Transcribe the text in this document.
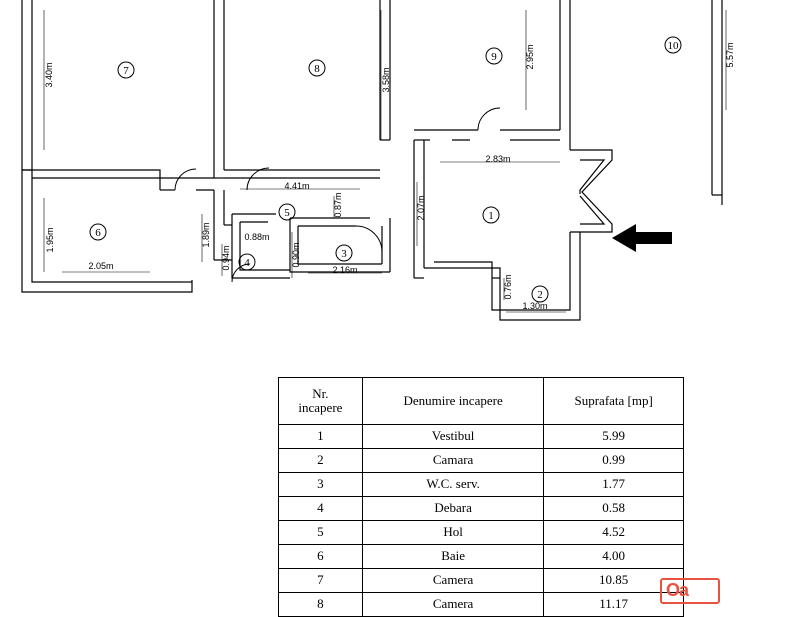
1
2
3
4
5
6
7	8
9
10
3.40m	3.58m
2.95m	5.57m
2.83m
4.41m
0.87m	2.07m
1.95m	1.89m	0.88m
0.90m
0.94m	2.16m
2.05m
0.76m
1.30m
Nr.
incapere	Denumire incapere	Suprafata [mp]
1	Vestibul	5.99
2	Camara	0.99
3	W.C. serv.	1.77
4	Debara	0.58
5	Hol	4.52
6	Baie	4.00
7	Camera	10.85
8	Camera	11.17
Oa
